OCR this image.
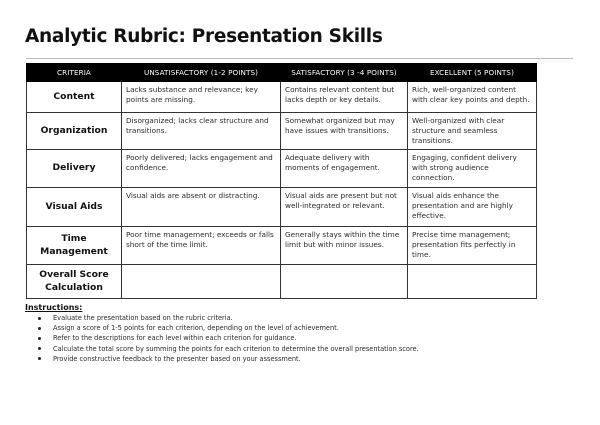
Analytic Rubric: Presentation Skills
CRITERIA	UNSATISFACTORY (1-2 POINTS)	SATISFACTORY (3 -4 POINTS)	EXCELLENT (5 POINTS)
Content	Lacks substance and relevance; key points are missing.	Contains relevant content but lacks depth or key details.	Rich, well-organized content with clear key points and depth.
Organization	Disorganized; lacks clear structure and transitions.	Somewhat organized but may have issues with transitions.	Well-organized with clear structure and seamless transitions.
Delivery	Poorly delivered; lacks engagement and confidence.	Adequate delivery with moments of engagement.	Engaging, confident delivery with strong audience connection.
Visual Aids	Visual aids are absent or distracting.	Visual aids are present but not well-integrated or relevant.	Visual aids enhance the presentation and are highly effective.
Time Management	Poor time management; exceeds or falls short of the time limit.	Generally stays within the time limit but with minor issues.	Precise time management; presentation fits perfectly in time.
Overall Score Calculation			
Instructions:
Evaluate the presentation based on the rubric criteria.
Assign a score of 1-5 points for each criterion, depending on the level of achievement.
Refer to the descriptions for each level within each criterion for guidance.
Calculate the total score by summing the points for each criterion to determine the overall presentation score.
Provide constructive feedback to the presenter based on your assessment.
